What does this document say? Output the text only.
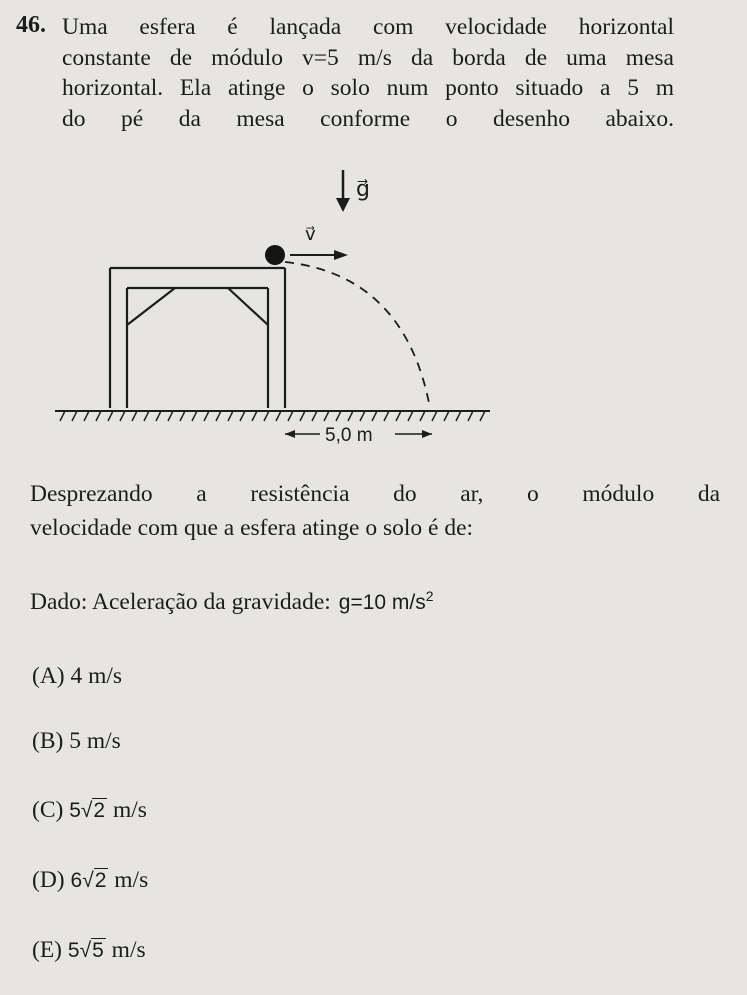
46. Uma esfera é lançada com velocidade horizontal
constante de módulo v=5 m/s da borda de uma mesa
horizontal. Ela atinge o solo num ponto situado a 5 m
do pé da mesa conforme o desenho abaixo.
g⃗
v⃗
5,0 m
Desprezando a resistência do ar, o módulo da
velocidade com que a esfera atinge o solo é de:
Dado: Aceleração da gravidade: g=10 $m/s^2$
(A) 4 m/s
(B) 5 m/s
(C) 5√2 m/s
(D) 6√2 m/s
(E) 5√5 m/s
